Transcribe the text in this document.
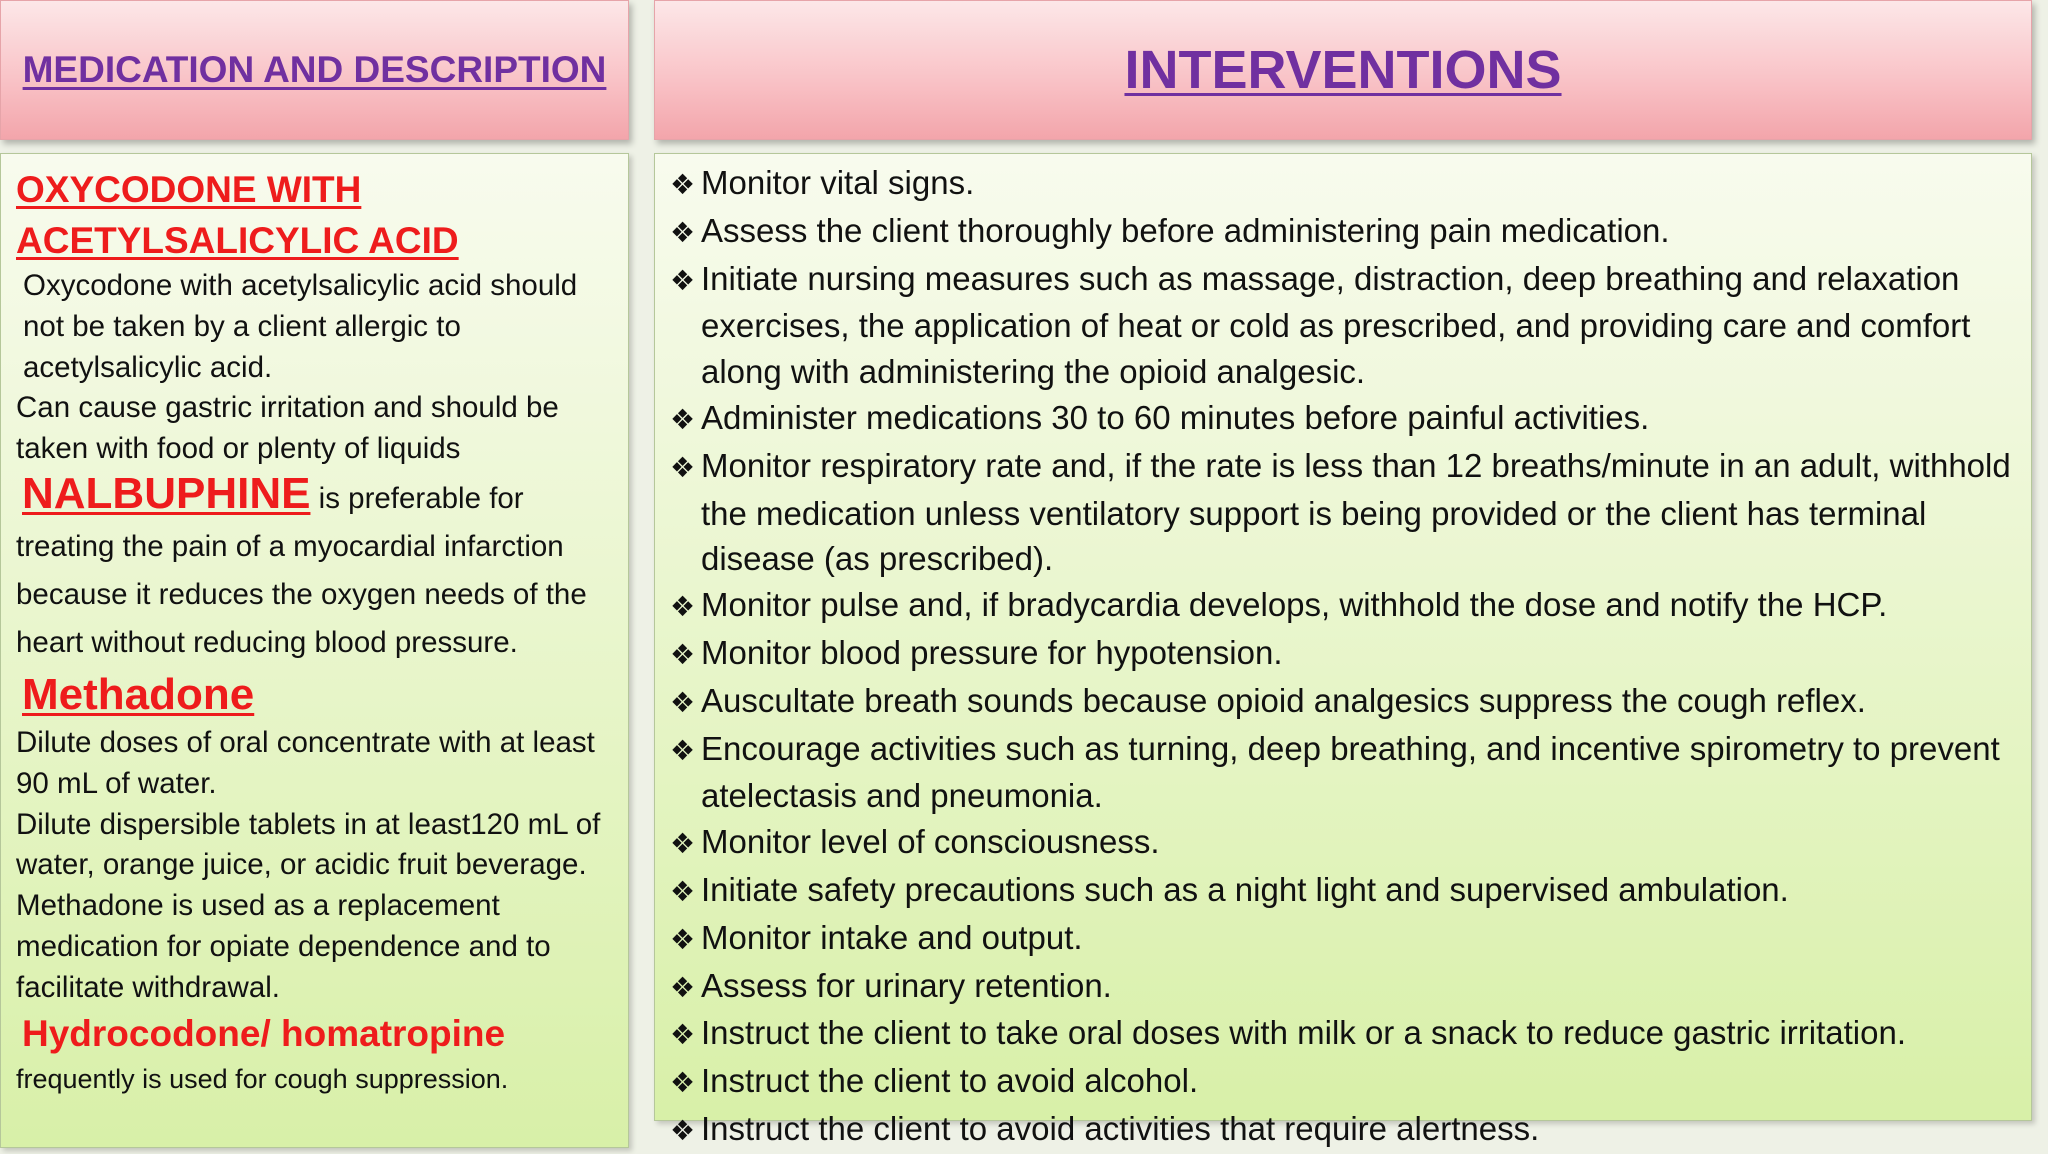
MEDICATION AND DESCRIPTION	INTERVENTIONS
OXYCODONE WITH
ACETYLSALICYLIC ACID
Oxycodone with acetylsalicylic acid should not be taken by a client allergic to acetylsalicylic acid.
Can cause gastric irritation and should be taken with food or plenty of liquids
NALBUPHINE is preferable for treating the pain of a myocardial infarction because it reduces the oxygen needs of the heart without reducing blood pressure.
Methadone
Dilute doses of oral concentrate with at least 90 mL of water.
Dilute dispersible tablets in at least120 mL of water, orange juice, or acidic fruit beverage.
Methadone is used as a replacement medication for opiate dependence and to facilitate withdrawal.
Hydrocodone/ homatropine
frequently is used for cough suppression.
❖ Monitor vital signs.
❖ Assess the client thoroughly before administering pain medication.
❖ Initiate nursing measures such as massage, distraction, deep breathing and relaxation exercises, the application of heat or cold as prescribed, and providing care and comfort along with administering the opioid analgesic.
❖ Administer medications 30 to 60 minutes before painful activities.
❖ Monitor respiratory rate and, if the rate is less than 12 breaths/minute in an adult, withhold the medication unless ventilatory support is being provided or the client has terminal disease (as prescribed).
❖ Monitor pulse and, if bradycardia develops, withhold the dose and notify the HCP.
❖ Monitor blood pressure for hypotension.
❖ Auscultate breath sounds because opioid analgesics suppress the cough reflex.
❖ Encourage activities such as turning, deep breathing, and incentive spirometry to prevent atelectasis and pneumonia.
❖ Monitor level of consciousness.
❖ Initiate safety precautions such as a night light and supervised ambulation.
❖ Monitor intake and output.
❖ Assess for urinary retention.
❖ Instruct the client to take oral doses with milk or a snack to reduce gastric irritation.
❖ Instruct the client to avoid alcohol.
❖ Instruct the client to avoid activities that require alertness.
